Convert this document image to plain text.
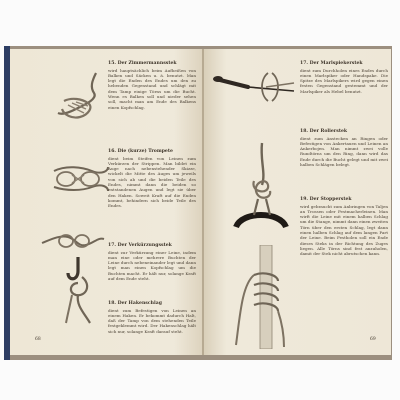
15. Der Zimmermannsstek

wird hauptsächlich beim Aufheißen von Balken und Säcken u. ä. benutzt. Man legt die Enden des Endes um den zu hebenden Gegenstand und schlägt mit dem Tamp einige Törns um die Bucht. Wenn es Balken soll und nieder sehen soll, macht man am Ende des Balkens einen Kopfschlag.

16. Die (kurze) Trompete

dient beim Steifen von Leinen zum Verkürzen der Strippen. Man bildet ein Auge nach nebenstehender Skizze, wickelt die Mitte des Auges um jeweils von sich ab und die beiden Teile des Endes, nimmt dann die beiden so entstandenen Augen und legt sie über den Haken. Soweit Kraft auf die Enden kommt, behindern sich beide Teile des Endes.

17. Der Verkürzungsstek

dient zur Verkürzung einer Leine, indem man eine oder mehrere Buchten der Leine durch nebeneinander legt und dann legt man einen Kopfschlag um die Buchten macht. Er hält nur, solange Kraft auf dem Ende steht.

18. Der Hakenschlag

dient zum Befestigen von Leinen an einem Haken. Er bekommt dadurch Halt, daß der Tamp von dem stehenden Teile festgeklemmt wird. Der Hakenschlag hält sich nur, solange Kraft darauf steht.

68
17. Der Marlspiekerstek

dient zum Durchholen eines Endes durch einen Marlspiker oder Handspake. Die Spitze des Marlspikers wird gegen einen festen Gegenstand gestemmt und der Marlspiker als Hebel benutzt.

18. Der Rolierstek

dient zum Anstecken an Ringen oder Befestigen von Ankertauen und Leinen an Ankerbojen. Man nimmt zwei volle Rundtörns um den Ring, dann wird das Ende durch die Bucht gelegt und mit zwei halben Schlägen belegt.

19. Der Stopperstek

wird gebraucht zum Anbringen von Taljen an Trossen oder Festmacherleinen. Man wirft die Leine mit einem halben Schlag um die Stange, nimmt dann einen zweiten Törn über den ersten Schlag, legt dann einen halben Schlag auf dem langen Part der Leine. Beim Festholen soll ein Ende dieses Steks in der Richtung des Zuges liegen. Alle Törns sind fest anzuholen, damit der Stek nicht abrutschen kann.

69
